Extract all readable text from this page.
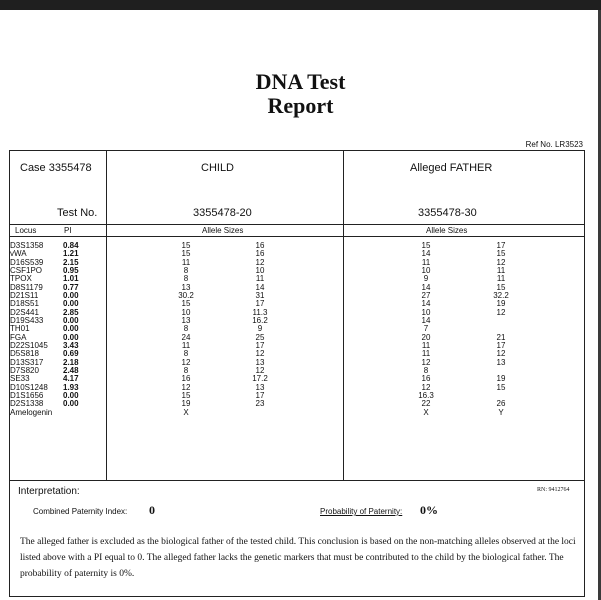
DNA Test
Report
Ref No. LR3523
Case 3355478	CHILD	Alleged FATHER
Test No.	3355478-20	3355478-30
Locus	PI	Allele Sizes	Allele Sizes
D3S1358 0.84	15	16	15	17
vWA	1.21	15	16	14	15
D16S539 2.15	11	12	11	12
CSF1PO	0.95	8	10	10	11
TPOX	1.01	8	11	9	11
D8S1179	0.77	13	14	14	15
D21S11	0.00	30.2	31	27	32.2
D18S51	0.00	15	17	14	19
D2S441	2.85	10	11.3	10	12
D19S433 0.00	13	16.2	14
TH01	0.00	8	9	7
FGA	0.00	24	25	20	21
D22S1045 3.43	11	17	11	17
D5S818	0.69	8	12	11	12
D13S317 2.18	12	13	12	13
D7S820	2.48	8	12	8
SE33	4.17	16	17.2	16	19
D10S1248 1.93	12	13	12	15
D1S1656 0.00	15	17	16.3
D2S1338 0.00	19	23	22	26
Amelogenin	X	X	Y
Interpretation:	RN: 9412764
Combined Paternity Index: 0	Probability of Paternity: 0%
The alleged father is excluded as the biological father of the tested child. This conclusion is based on the non-matching alleles observed at the loci listed above with a PI equal to 0. The alleged father lacks the genetic markers that must be contributed to the child by the biological father. The probability of paternity is 0%.
